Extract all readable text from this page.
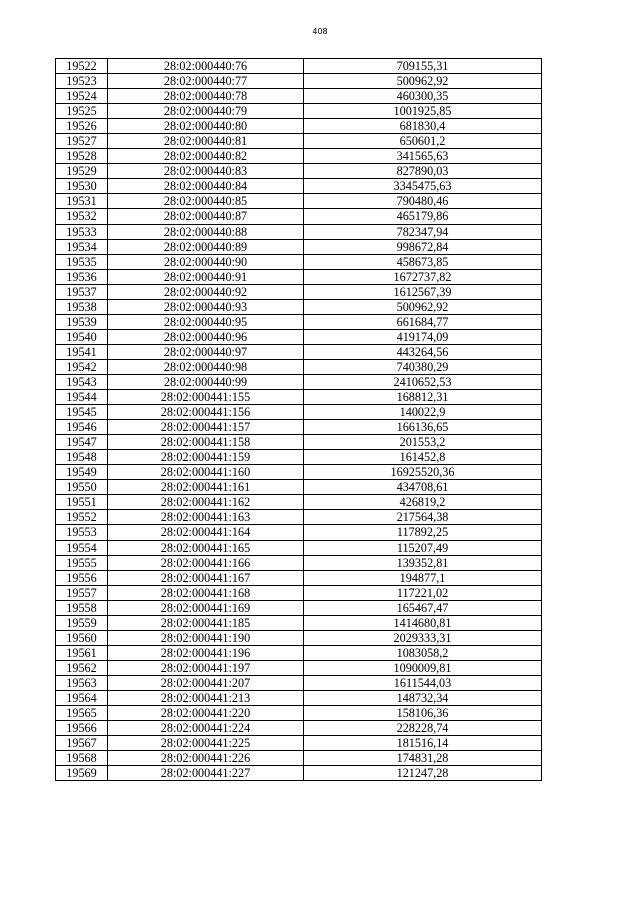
408
19522	28:02:000440:76	709155,31
19523	28:02:000440:77	500962,92
19524	28:02:000440:78	460300,35
19525	28:02:000440:79	1001925,85
19526	28:02:000440:80	681830,4
19527	28:02:000440:81	650601,2
19528	28:02:000440:82	341565,63
19529	28:02:000440:83	827890,03
19530	28:02:000440:84	3345475,63
19531	28:02:000440:85	790480,46
19532	28:02:000440:87	465179,86
19533	28:02:000440:88	782347,94
19534	28:02:000440:89	998672,84
19535	28:02:000440:90	458673,85
19536	28:02:000440:91	1672737,82
19537	28:02:000440:92	1612567,39
19538	28:02:000440:93	500962,92
19539	28:02:000440:95	661684,77
19540	28:02:000440:96	419174,09
19541	28:02:000440:97	443264,56
19542	28:02:000440:98	740380,29
19543	28:02:000440:99	2410652,53
19544	28:02:000441:155	168812,31
19545	28:02:000441:156	140022,9
19546	28:02:000441:157	166136,65
19547	28:02:000441:158	201553,2
19548	28:02:000441:159	161452,8
19549	28:02:000441:160	16925520,36
19550	28:02:000441:161	434708,61
19551	28:02:000441:162	426819,2
19552	28:02:000441:163	217564,38
19553	28:02:000441:164	117892,25
19554	28:02:000441:165	115207,49
19555	28:02:000441:166	139352,81
19556	28:02:000441:167	194877,1
19557	28:02:000441:168	117221,02
19558	28:02:000441:169	165467,47
19559	28:02:000441:185	1414680,81
19560	28:02:000441:190	2029333,31
19561	28:02:000441:196	1083058,2
19562	28:02:000441:197	1090009,81
19563	28:02:000441:207	1611544,03
19564	28:02:000441:213	148732,34
19565	28:02:000441:220	158106,36
19566	28:02:000441:224	228228,74
19567	28:02:000441:225	181516,14
19568	28:02:000441:226	174831,28
19569	28:02:000441:227	121247,28
